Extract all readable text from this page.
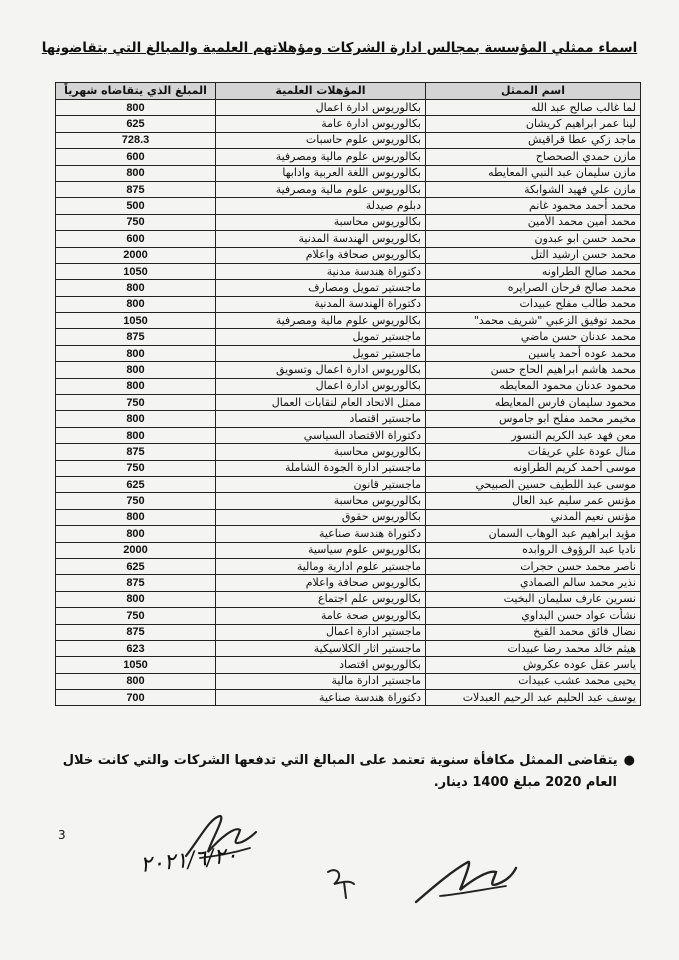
اسماء ممثلي المؤسسة بمجالس ادارة الشركات ومؤهلاتهم العلمية والمبالغ التي يتقاضونها
اسم الممثل	المؤهلات العلمية	المبلغ الذي يتقاضاه شهرياً
لما غالب صالح عبد الله	بكالوريوس ادارة اعمال	800
لينا عمر ابراهيم كريشان	بكالوريوس ادارة عامة	625
ماجد زكي عطا قراقيش	بكالوريوس علوم حاسبات	728.3
مازن حمدي الصحصاح	بكالوريوس علوم مالية ومصرفية	600
مازن سليمان عبد النبي المعايطه	بكالوريوس اللغة العربية وادابها	800
مازن علي فهيد الشوابكة	بكالوريوس علوم مالية ومصرفية	875
محمد أحمد محمود غانم	دبلوم صيدلة	500
محمد أمين محمد الأمين	بكالوريوس محاسبة	750
محمد حسن ابو عبدون	بكالوريوس الهندسة المدنية	600
محمد حسن ارشيد التل	بكالوريوس صحافة واعلام	2000
محمد صالح الطراونه	دكتوراة هندسة مدنية	1050
محمد صالح فرحان الصرايره	ماجستير تمويل ومصارف	800
محمد طالب مفلح عبيدات	دكتوراة الهندسة المدنية	800
محمد توفيق الزعبي "شريف محمد"	بكالوريوس علوم مالية ومصرفية	1050
محمد عدنان حسن ماضي	ماجستير تمويل	875
محمد عوده أحمد ياسين	ماجستير تمويل	800
محمد هاشم ابراهيم الحاج حسن	بكالوريوس ادارة اعمال وتسويق	800
محمود عدنان محمود المعايطه	بكالوريوس ادارة اعمال	800
محمود سليمان فارس المعايطه	ممثل الاتحاد العام لنقابات العمال	750
مخيمر محمد مفلح ابو جاموس	ماجستير اقتصاد	800
معن فهد عبد الكريم النسور	دكتوراة الاقتصاد السياسي	800
منال عودة علي عريقات	بكالوريوس محاسبة	875
موسى أحمد كريم الطراونه	ماجستير ادارة الجودة الشاملة	750
موسى عبد اللطيف حسين الصبيحي	ماجستير قانون	625
مؤنس عمر سليم عبد العال	بكالوريوس محاسبة	750
مؤنس نعيم المدني	بكالوريوس حقوق	800
مؤيد ابراهيم عبد الوهاب السمان	دكتوراة هندسة صناعية	800
ناديا عبد الرؤوف الروابده	بكالوريوس علوم سياسية	2000
ناصر محمد حسن حجرات	ماجستير علوم ادارية ومالية	625
نذير محمد سالم الصمادي	بكالوريوس صحافة واعلام	875
نسرين عارف سليمان البخيت	بكالوريوس علم اجتماع	800
نشأت عواد حسن البداوي	بكالوريوس صحة عامة	750
نضال فائق محمد القيخ	ماجستير ادارة اعمال	875
هيثم خالد محمد رضا عبيدات	ماجستير اثار الكلاسيكية	623
ياسر عقل عوده عكروش	بكالوريوس اقتصاد	1050
يحيى محمد عشب عبيدات	ماجستير ادارة مالية	800
يوسف عبد الحليم عبد الرحيم العبدلات	دكتوراة هندسة صناعية	700
●يتقاضى الممثل مكافأة سنوية تعتمد على المبالغ التي تدفعها الشركات والتي كانت خلال
العام 2020 مبلغ 1400 دينار.
3
٢٠٢١/٦/٢٠
